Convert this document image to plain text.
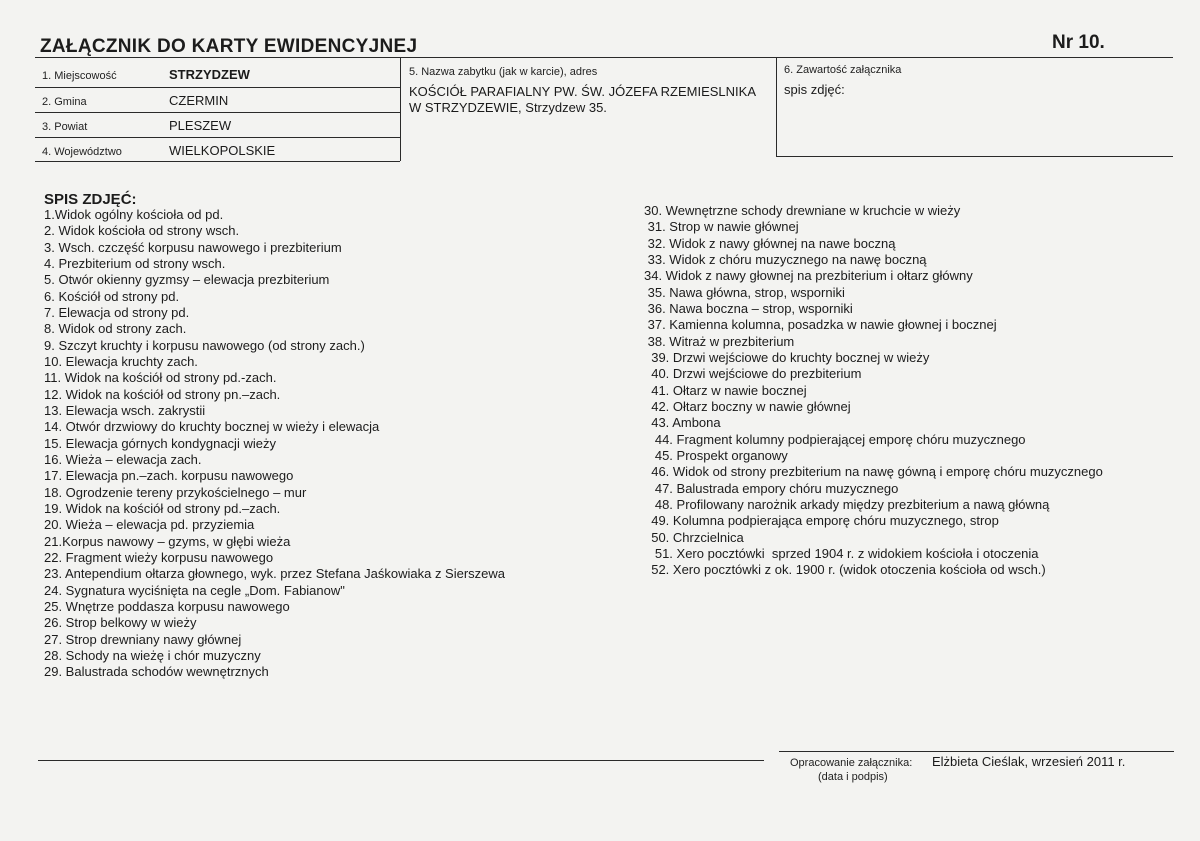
ZAŁĄCZNIK DO KARTY EWIDENCYJNEJ	Nr 10.
1. Miejscowość	STRZYDZEW
2. Gmina	CZERMIN
3. Powiat	PLESZEW
4. Województwo	WIELKOPOLSKIE
5. Nazwa zabytku (jak w karcie), adres
KOŚCIÓŁ PARAFIALNY PW. ŚW. JÓZEFA RZEMIESLNIKA
W STRZYDZEWIE, Strzydzew 35.
6. Zawartość załącznika
spis zdjęć:
SPIS ZDJĘĆ:
1.Widok ogólny kościoła od pd.
2. Widok kościoła od strony wsch.
3. Wsch. czczęść korpusu nawowego i prezbiterium
4. Prezbiterium od strony wsch.
5. Otwór okienny gyzmsy – elewacja prezbiterium
6. Kościół od strony pd.
7. Elewacja od strony pd.
8. Widok od strony zach.
9. Szczyt kruchty i korpusu nawowego (od strony zach.)
10. Elewacja kruchty zach.
11. Widok na kościół od strony pd.-zach.
12. Widok na kościół od strony pn.–zach.
13. Elewacja wsch. zakrystii
14. Otwór drzwiowy do kruchty bocznej w wieży i elewacja
15. Elewacja górnych kondygnacji wieży
16. Wieża – elewacja zach.
17. Elewacja pn.–zach. korpusu nawowego
18. Ogrodzenie tereny przykościelnego – mur
19. Widok na kościół od strony pd.–zach.
20. Wieża – elewacja pd. przyziemia
21.Korpus nawowy – gzyms, w głębi wieża
22. Fragment wieży korpusu nawowego
23. Antependium ołtarza głownego, wyk. przez Stefana Jaśkowiaka z Sierszewa
24. Sygnatura wyciśnięta na cegle „Dom. Fabianow"
25. Wnętrze poddasza korpusu nawowego
26. Strop belkowy w wieży
27. Strop drewniany nawy głównej
28. Schody na wieżę i chór muzyczny
29. Balustrada schodów wewnętrznych
30. Wewnętrzne schody drewniane w kruchcie w wieży
31. Strop w nawie głównej
32. Widok z nawy głównej na nawe boczną
33. Widok z chóru muzycznego na nawę boczną
34. Widok z nawy głownej na prezbiterium i ołtarz główny
35. Nawa główna, strop, wsporniki
36. Nawa boczna – strop, wsporniki
37. Kamienna kolumna, posadzka w nawie głownej i bocznej
38. Witraż w prezbiterium
39. Drzwi wejściowe do kruchty bocznej w wieży
40. Drzwi wejściowe do prezbiterium
41. Ołtarz w nawie bocznej
42. Ołtarz boczny w nawie głównej
43. Ambona
44. Fragment kolumny podpierającej emporę chóru muzycznego
45. Prospekt organowy
46. Widok od strony prezbiterium na nawę gówną i emporę chóru muzycznego
47. Balustrada empory chóru muzycznego
48. Profilowany narożnik arkady między prezbiterium a nawą główną
49. Kolumna podpierająca emporę chóru muzycznego, strop
50. Chrzcielnica
51. Xero pocztówki  sprzed 1904 r. z widokiem kościoła i otoczenia
52. Xero pocztówki z ok. 1900 r. (widok otoczenia kościoła od wsch.)
Opracowanie załącznika:
(data i podpis)
Elżbieta Cieślak, wrzesień 2011 r.
